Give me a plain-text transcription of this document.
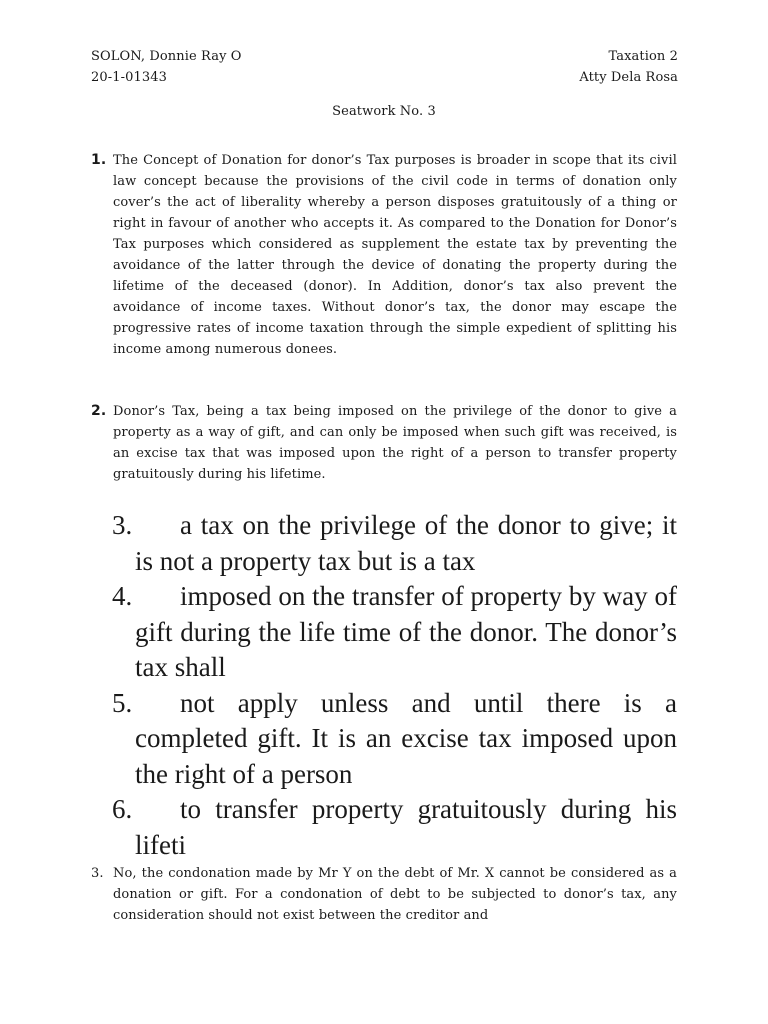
SOLON, Donnie Ray O
20-1-01343
Taxation 2
Atty Dela Rosa
Seatwork No. 3
1. The Concept of Donation for donor’s Tax purposes is broader in scope that its civil law concept because the provisions of the civil code in terms of donation only cover’s the act of liberality whereby a person disposes gratuitously of a thing or right in favour of another who accepts it. As compared to the Donation for Donor’s Tax purposes which considered as supplement the estate tax by preventing the avoidance of the latter through the device of donating the property during the lifetime of the deceased (donor). In Addition, donor’s tax also prevent the avoidance of income taxes. Without donor’s tax, the donor may escape the progressive rates of income taxation through the simple expedient of splitting his income among numerous donees.
2. Donor’s Tax, being a tax being imposed on the privilege of the donor to give a property as a way of gift, and can only be imposed when such gift was received, is an excise tax that was imposed upon the right of a person to transfer property gratuitously during his lifetime.
3.	a tax on the privilege of the donor to give; it is not a property tax but is a tax
4.	imposed on the transfer of property by way of gift during the life time of the donor. The donor’s tax shall
5.	not apply unless and until there is a completed gift. It is an excise tax imposed upon the right of a person
6.	to transfer property gratuitously during his lifeti
3. No, the condonation made by Mr Y on the debt of Mr. X cannot be considered as a donation or gift. For a condonation of debt to be subjected to donor’s tax, any consideration should not exist between the creditor and
